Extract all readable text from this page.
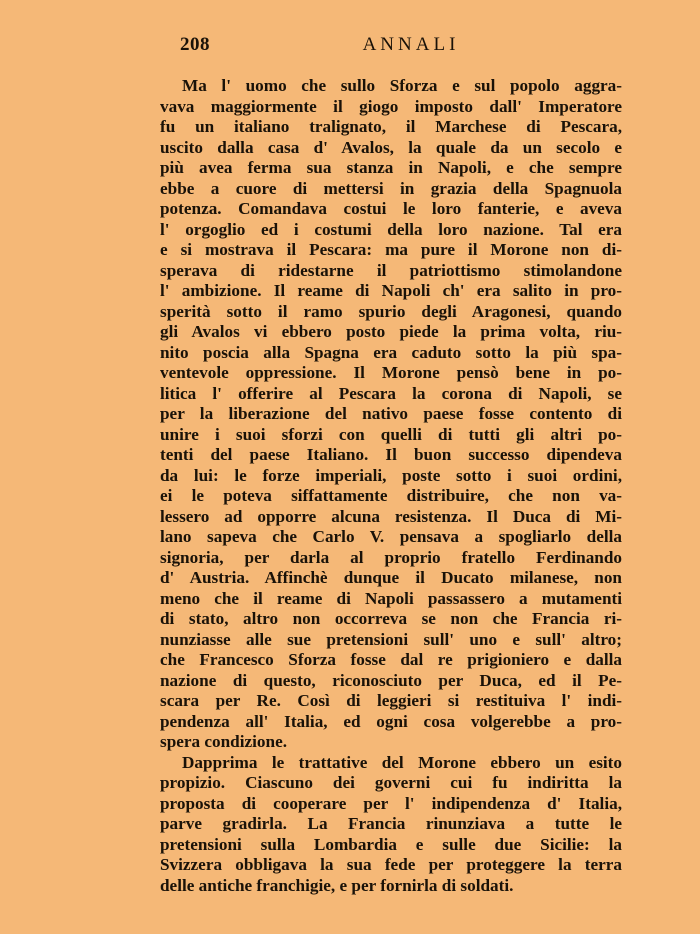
208	ANNALI
Ma l' uomo che sullo Sforza e sul popolo aggra-
vava maggiormente il giogo imposto dall' Imperatore
fu un italiano tralignato, il Marchese di Pescara,
uscito dalla casa d' Avalos, la quale da un secolo e
più avea ferma sua stanza in Napoli, e che sempre
ebbe a cuore di mettersi in grazia della Spagnuola
potenza. Comandava costui le loro fanterie, e aveva
l' orgoglio ed i costumi della loro nazione. Tal era
e si mostrava il Pescara: ma pure il Morone non di-
sperava di ridestarne il patriottismo stimolandone
l' ambizione. Il reame di Napoli ch' era salito in pro-
sperità sotto il ramo spurio degli Aragonesi, quando
gli Avalos vi ebbero posto piede la prima volta, riu-
nito poscia alla Spagna era caduto sotto la più spa-
ventevole oppressione. Il Morone pensò bene in po-
litica l' offerire al Pescara la corona di Napoli, se
per la liberazione del nativo paese fosse contento di
unire i suoi sforzi con quelli di tutti gli altri po-
tenti del paese Italiano. Il buon successo dipendeva
da lui: le forze imperiali, poste sotto i suoi ordini,
ei le poteva siffattamente distribuire, che non va-
lessero ad opporre alcuna resistenza. Il Duca di Mi-
lano sapeva che Carlo V. pensava a spogliarlo della
signoria, per darla al proprio fratello Ferdinando
d' Austria. Affinchè dunque il Ducato milanese, non
meno che il reame di Napoli passassero a mutamenti
di stato, altro non occorreva se non che Francia ri-
nunziasse alle sue pretensioni sull' uno e sull' altro;
che Francesco Sforza fosse dal re prigioniero e dalla
nazione di questo, riconosciuto per Duca, ed il Pe-
scara per Re. Così di leggieri si restituiva l' indi-
pendenza all' Italia, ed ogni cosa volgerebbe a pro-
spera condizione.
Dapprima le trattative del Morone ebbero un esito
propizio. Ciascuno dei governi cui fu indiritta la
proposta di cooperare per l' indipendenza d' Italia,
parve gradirla. La Francia rinunziava a tutte le
pretensioni sulla Lombardia e sulle due Sicilie: la
Svizzera obbligava la sua fede per proteggere la terra
delle antiche franchigie, e per fornirla di soldati.
